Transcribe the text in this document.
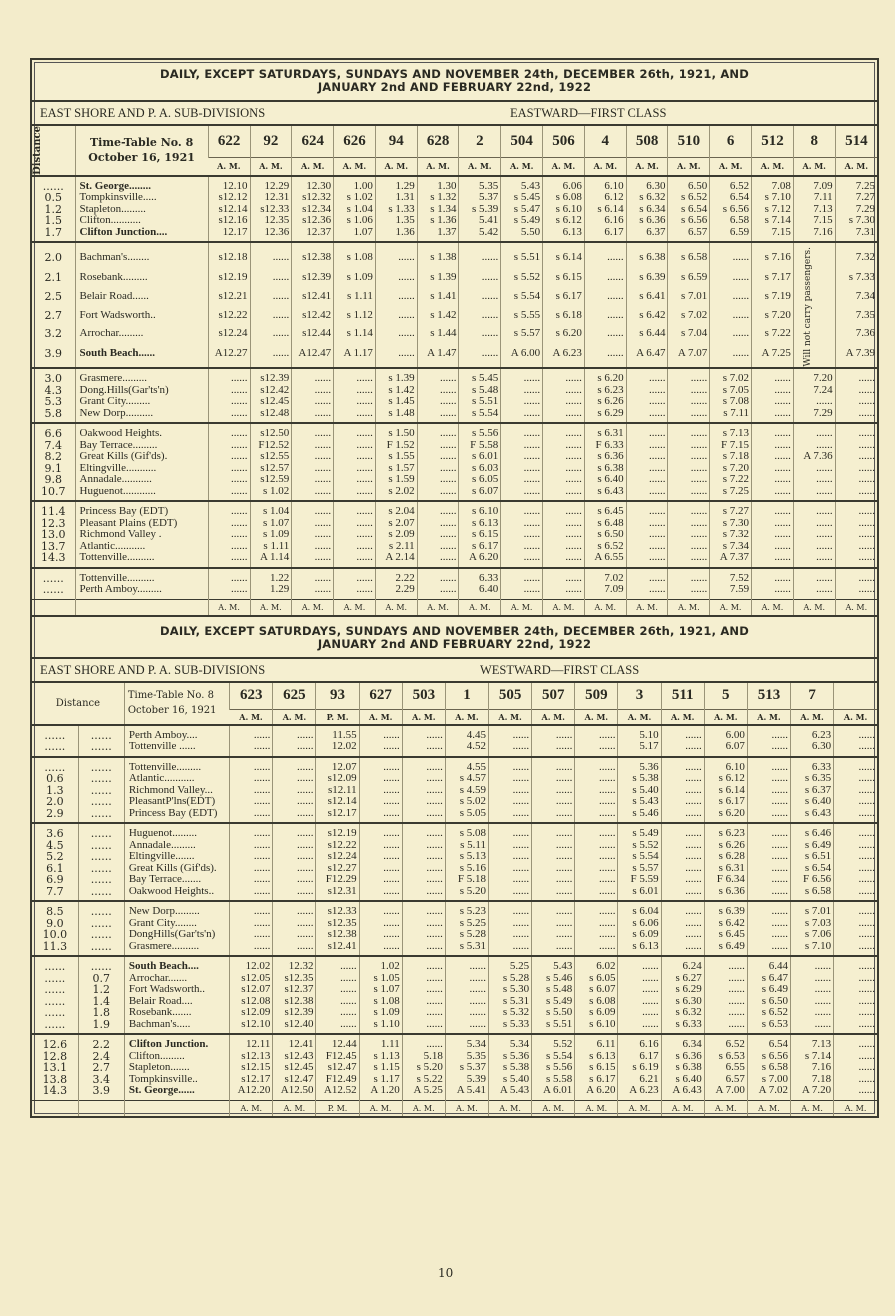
DAILY, EXCEPT SATURDAYS, SUNDAYS AND NOVEMBER 24th, DECEMBER 26th, 1921, AND
JANUARY 2nd AND FEBRUARY 22nd, 1922
EAST SHORE AND P. A. SUB-DIVISIONS	EASTWARD—FIRST CLASS
Distance	Time-Table No. 8
October 16, 1921	622	92	624	626	94	628	2	504	506	4	508	510	6	512	8	514
		A. M.	A. M.	A. M.	A. M.	A. M.	A. M.	A. M.	A. M.	A. M.	A. M.	A. M.	A. M.	A. M.	A. M.	A. M.	A. M.
......	St. George........	12.10	12.29	12.30	1.00	1.29	1.30	5.35	5.43	6.06	6.10	6.30	6.50	6.52	7.08	7.09	7.25
0.5	Tompkinsville.....	s12.12	12.31	s12.32	s 1.02	1.31	s 1.32	5.37	s 5.45	s 6.08	6.12	s 6.32	s 6.52	6.54	s 7.10	7.11	7.27
1.2	Stapleton.........	s12.14	s12.33	s12.34	s 1.04	s 1.33	s 1.34	s 5.39	s 5.47	s 6.10	s 6.14	s 6.34	s 6.54	s 6.56	s 7.12	7.13	7.29
1.5	Clifton...........	s12.16	12.35	s12.36	s 1.06	1.35	s 1.36	5.41	s 5.49	s 6.12	6.16	s 6.36	s 6.56	6.58	s 7.14	7.15	s 7.30
1.7	Clifton Junction....	12.17	12.36	12.37	1.07	1.36	1.37	5.42	5.50	6.13	6.17	6.37	6.57	6.59	7.15	7.16	7.31
2.0	Bachman's........	s12.18	......	s12.38	s 1.08	......	s 1.38	......	s 5.51	s 6.14	......	s 6.38	s 6.58	......	s 7.16	Will not carry passengers.	7.32
2.1	Rosebank.........	s12.19	......	s12.39	s 1.09	......	s 1.39	......	s 5.52	s 6.15	......	s 6.39	s 6.59	......	s 7.17		s 7.33
2.5	Belair Road......	s12.21	......	s12.41	s 1.11	......	s 1.41	......	s 5.54	s 6.17	......	s 6.41	s 7.01	......	s 7.19		7.34
2.7	Fort Wadsworth..	s12.22	......	s12.42	s 1.12	......	s 1.42	......	s 5.55	s 6.18	......	s 6.42	s 7.02	......	s 7.20		7.35
3.2	Arrochar.........	s12.24	......	s12.44	s 1.14	......	s 1.44	......	s 5.57	s 6.20	......	s 6.44	s 7.04	......	s 7.22		7.36
3.9	South Beach......	A12.27	......	A12.47	A 1.17	......	A 1.47	......	A 6.00	A 6.23	......	A 6.47	A 7.07	......	A 7.25		A 7.39
3.0	Grasmere.........	......	s12.39	......	......	s 1.39	......	s 5.45	......	......	s 6.20	......	......	s 7.02	......	7.20	......
4.3	Dong.Hills(Gar'ts'n)	......	s12.42	......	......	s 1.42	......	s 5.48	......	......	s 6.23	......	......	s 7.05	......	7.24	......
5.3	Grant City.........	......	s12.45	......	......	s 1.45	......	s 5.51	......	......	s 6.26	......	......	s 7.08	......	......	......
5.8	New Dorp..........	......	s12.48	......	......	s 1.48	......	s 5.54	......	......	s 6.29	......	......	s 7.11	......	7.29	......
6.6	Oakwood Heights.	......	s12.50	......	......	s 1.50	......	s 5.56	......	......	s 6.31	......	......	s 7.13	......	......	......
7.4	Bay Terrace.........	......	F12.52	......	......	F 1.52	......	F 5.58	......	......	F 6.33	......	......	F 7.15	......	......	......
8.2	Great Kills (Gif'ds).	......	s12.55	......	......	s 1.55	......	s 6.01	......	......	s 6.36	......	......	s 7.18	......	A 7.36	......
9.1	Eltingville...........	......	s12.57	......	......	s 1.57	......	s 6.03	......	......	s 6.38	......	......	s 7.20	......	......	......
9.8	Annadale...........	......	s12.59	......	......	s 1.59	......	s 6.05	......	......	s 6.40	......	......	s 7.22	......	......	......
10.7	Huguenot............	......	s 1.02	......	......	s 2.02	......	s 6.07	......	......	s 6.43	......	......	s 7.25	......	......	......
11.4	Princess Bay (EDT)	......	s 1.04	......	......	s 2.04	......	s 6.10	......	......	s 6.45	......	......	s 7.27	......	......	......
12.3	Pleasant Plains (EDT)	......	s 1.07	......	......	s 2.07	......	s 6.13	......	......	s 6.48	......	......	s 7.30	......	......	......
13.0	Richmond Valley .	......	s 1.09	......	......	s 2.09	......	s 6.15	......	......	s 6.50	......	......	s 7.32	......	......	......
13.7	Atlantic...........	......	s 1.11	......	......	s 2.11	......	s 6.17	......	......	s 6.52	......	......	s 7.34	......	......	......
14.3	Tottenville..........	......	A 1.14	......	......	A 2.14	......	A 6.20	......	......	A 6.55	......	......	A 7.37	......	......	......
......	Tottenville..........	......	1.22	......	......	2.22	......	6.33	......	......	7.02	......	......	7.52	......	......	......
......	Perth Amboy.........	......	1.29	......	......	2.29	......	6.40	......	......	7.09	......	......	7.59	......	......	......
		A. M.	A. M.	A. M.	A. M.	A. M.	A. M.	A. M.	A. M.	A. M.	A. M.	A. M.	A. M.	A. M.	A. M.	A. M.	A. M.
DAILY, EXCEPT SATURDAYS, SUNDAYS AND NOVEMBER 24th, DECEMBER 26th, 1921, AND
JANUARY 2nd AND FEBRUARY 22nd, 1922
EAST SHORE AND P. A. SUB-DIVISIONS	WESTWARD—FIRST CLASS
Distance		Time-Table No. 8
October 16, 1921	623	625	93	627	503	1	505	507	509	3	511	5	513	7	
			A. M.	A. M.	P. M.	A. M.	A. M.	A. M.	A. M.	A. M.	A. M.	A. M.	A. M.	A. M.	A. M.	A. M.	A. M.
......	......	Perth Amboy....	......	......	11.55	......	......	4.45	......	......	......	5.10	......	6.00	......	6.23	......
......	......	Tottenville ......	......	......	12.02	......	......	4.52	......	......	......	5.17	......	6.07	......	6.30	......
......	......	Tottenville.........	......	......	12.07	......	......	4.55	......	......	......	5.36	......	6.10	......	6.33	......
0.6	......	Atlantic...........	......	......	s12.09	......	......	s 4.57	......	......	......	s 5.38	......	s 6.12	......	s 6.35	......
1.3	......	Richmond Valley...	......	......	s12.11	......	......	s 4.59	......	......	......	s 5.40	......	s 6.14	......	s 6.37	......
2.0	......	PleasantP'lns(EDT)	......	......	s12.14	......	......	s 5.02	......	......	......	s 5.43	......	s 6.17	......	s 6.40	......
2.9	......	Princess Bay (EDT)	......	......	s12.17	......	......	s 5.05	......	......	......	s 5.46	......	s 6.20	......	s 6.43	......
3.6	......	Huguenot.........	......	......	s12.19	......	......	s 5.08	......	......	......	s 5.49	......	s 6.23	......	s 6.46	......
4.5	......	Annadale.........	......	......	s12.22	......	......	s 5.11	......	......	......	s 5.52	......	s 6.26	......	s 6.49	......
5.2	......	Eltingville.......	......	......	s12.24	......	......	s 5.13	......	......	......	s 5.54	......	s 6.28	......	s 6.51	......
6.1	......	Great Kills (Gif'ds).	......	......	s12.27	......	......	s 5.16	......	......	......	s 5.57	......	s 6.31	......	s 6.54	......
6.9	......	Bay Terrace.......	......	......	F12.29	......	......	F 5.18	......	......	......	F 5.59	......	F 6.34	......	F 6.56	......
7.7	......	Oakwood Heights..	......	......	s12.31	......	......	s 5.20	......	......	......	s 6.01	......	s 6.36	......	s 6.58	......
8.5	......	New Dorp.........	......	......	s12.33	......	......	s 5.23	......	......	......	s 6.04	......	s 6.39	......	s 7.01	......
9.0	......	Grant City........	......	......	s12.35	......	......	s 5.25	......	......	......	s 6.06	......	s 6.42	......	s 7.03	......
10.0	......	DongHills(Gar'ts'n)	......	......	s12.38	......	......	s 5.28	......	......	......	s 6.09	......	s 6.45	......	s 7.06	......
11.3	......	Grasmere..........	......	......	s12.41	......	......	s 5.31	......	......	......	s 6.13	......	s 6.49	......	s 7.10	......
......	......	South Beach....	12.02	12.32	......	1.02	......	......	5.25	5.43	6.02	......	6.24	......	6.44	......	......
......	0.7	Arrochar.......	s12.05	s12.35	......	s 1.05	......	......	s 5.28	s 5.46	s 6.05	......	s 6.27	......	s 6.47	......	......
......	1.2	Fort Wadsworth..	s12.07	s12.37	......	s 1.07	......	......	s 5.30	s 5.48	s 6.07	......	s 6.29	......	s 6.49	......	......
......	1.4	Belair Road....	s12.08	s12.38	......	s 1.08	......	......	s 5.31	s 5.49	s 6.08	......	s 6.30	......	s 6.50	......	......
......	1.8	Rosebank.......	s12.09	s12.39	......	s 1.09	......	......	s 5.32	s 5.50	s 6.09	......	s 6.32	......	s 6.52	......	......
......	1.9	Bachman's.....	s12.10	s12.40	......	s 1.10	......	......	s 5.33	s 5.51	s 6.10	......	s 6.33	......	s 6.53	......	......
12.6	2.2	Clifton Junction.	12.11	12.41	12.44	1.11	......	5.34	5.34	5.52	6.11	6.16	6.34	6.52	6.54	7.13	......
12.8	2.4	Clifton.........	s12.13	s12.43	F12.45	s 1.13	5.18	5.35	s 5.36	s 5.54	s 6.13	6.17	s 6.36	s 6.53	s 6.56	s 7.14	......
13.1	2.7	Stapleton.......	s12.15	s12.45	s12.47	s 1.15	s 5.20	s 5.37	s 5.38	s 5.56	s 6.15	s 6.19	s 6.38	6.55	s 6.58	7.16	......
13.8	3.4	Tompkinsville..	s12.17	s12.47	F12.49	s 1.17	s 5.22	5.39	s 5.40	s 5.58	s 6.17	6.21	s 6.40	6.57	s 7.00	7.18	......
14.3	3.9	St. George......	A12.20	A12.50	A12.52	A 1.20	A 5.25	A 5.41	A 5.43	A 6.01	A 6.20	A 6.23	A 6.43	A 7.00	A 7.02	A 7.20	......
			A. M.	A. M.	P. M.	A. M.	A. M.	A. M.	A. M.	A. M.	A. M.	A. M.	A. M.	A. M.	A. M.	A. M.	A. M.
10
